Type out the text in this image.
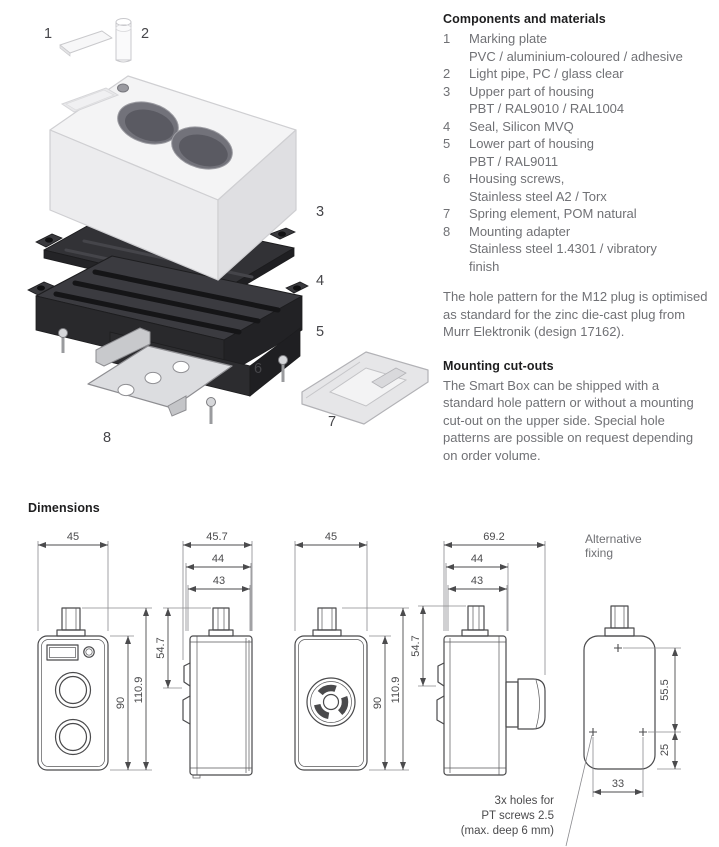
1	2
3
4
5
6
7
8
Components and materials
1	Marking plate
PVC / aluminium-coloured / adhesive
2	Light pipe, PC / glass clear
3	Upper part of housing
PBT / RAL9010 / RAL1004
4	Seal, Silicon MVQ
5	Lower part of housing
PBT / RAL9011
6	Housing screws,
Stainless steel A2 / Torx
7	Spring element, POM natural
8	Mounting adapter
Stainless steel 1.4301 / vibratory
finish

The hole pattern for the M12 plug is optimised as standard for the zinc die-cast plug from Murr Elektronik (design 17162).

Mounting cut-outs

The Smart Box can be shipped with a standard hole pattern or without a mounting cut-out on the upper side. Special hole patterns are possible on request depending on order volume.

Dimensions
45
90 110.9
45.7
44
43
54.7
45
90 110.9
69.2
44
43
54.7
Alternative
fixing
55.5
25
33
3x holes for
PT screws 2.5
(max. deep 6 mm)
